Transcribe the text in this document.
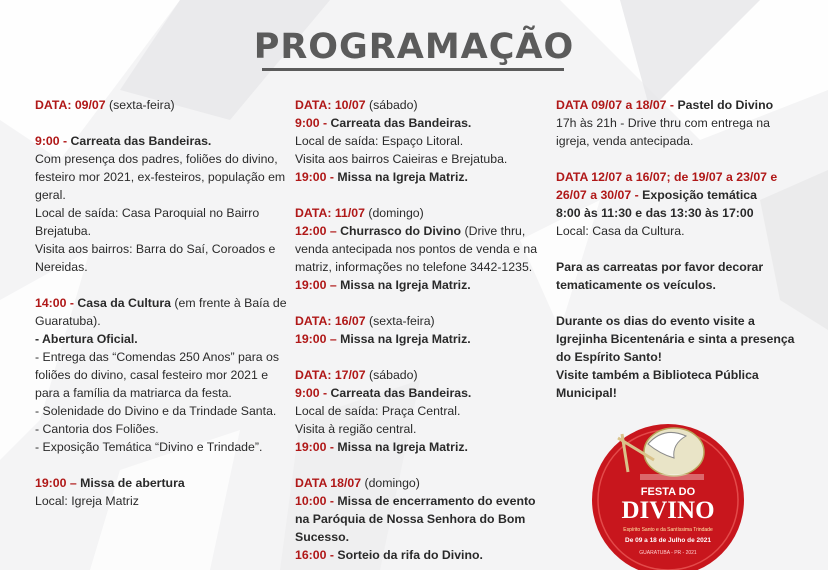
PROGRAMAÇÃO

DATA: 09/07 (sexta-feira)

9:00 - Carreata das Bandeiras.

Com presença dos padres, foliões do divino, festeiro mor 2021, ex-festeiros, população em geral.

Local de saída: Casa Paroquial no Bairro Brejatuba.

Visita aos bairros: Barra do Saí, Coroados e Nereidas.

14:00 - Casa da Cultura (em frente à Baía de Guaratuba).

- Abertura Oficial.

- Entrega das “Comendas 250 Anos” para os foliões do divino, casal festeiro mor 2021 e para a família da matriarca da festa.

- Solenidade do Divino e da Trindade Santa.

- Cantoria dos Foliões.

- Exposição Temática “Divino e Trindade”.

19:00 – Missa de abertura

Local: Igreja Matriz

DATA: 10/07 (sábado)

9:00 - Carreata das Bandeiras.

Local de saída: Espaço Litoral.

Visita aos bairros Caieiras e Brejatuba.

19:00 - Missa na Igreja Matriz.

DATA: 11/07 (domingo)

12:00 – Churrasco do Divino (Drive thru, venda antecipada nos pontos de venda e na matriz, informações no telefone 3442-1235.

19:00 – Missa na Igreja Matriz.

DATA: 16/07 (sexta-feira)

19:00 – Missa na Igreja Matriz.

DATA: 17/07 (sábado)

9:00 - Carreata das Bandeiras.

Local de saída: Praça Central.

Visita à região central.

19:00 - Missa na Igreja Matriz.

DATA 18/07 (domingo)

10:00 - Missa de encerramento do evento na Paróquia de Nossa Senhora do Bom Sucesso.

16:00 - Sorteio da rifa do Divino.

DATA 09/07 a 18/07 - Pastel do Divino

17h às 21h - Drive thru com entrega na igreja, venda antecipada.

DATA 12/07 a 16/07; de 19/07 a 23/07 e 26/07 a 30/07 - Exposição temática

8:00 às 11:30 e das 13:30 às 17:00

Local: Casa da Cultura.

Para as carreatas por favor decorar tematicamente os veículos.

Durante os dias do evento visite a Igrejinha Bicentenária e sinta a presença do Espírito Santo!

Visite também a Biblioteca Pública Municipal!

FESTA DO
DIVINO
Espírito Santo e da Santíssima Trindade
De 09 a 18 de Julho de 2021
GUARATUBA - PR - 2021
